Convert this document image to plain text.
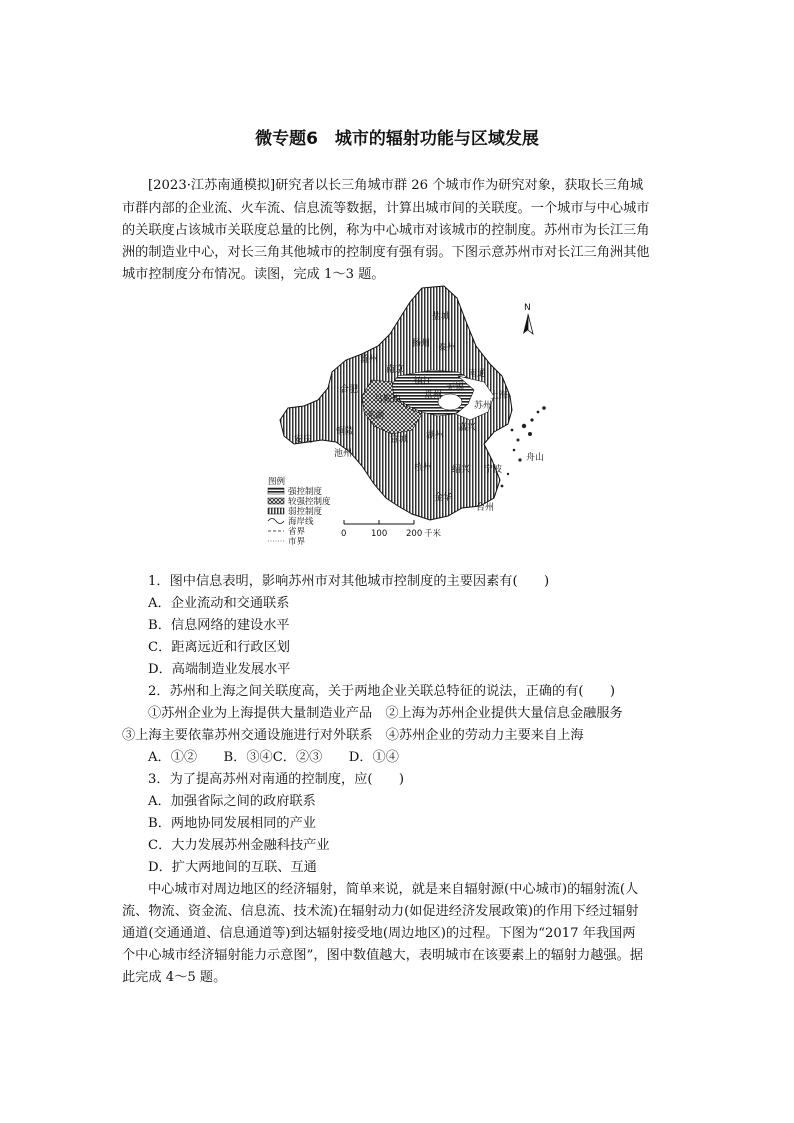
微专题6　城市的辐射功能与区域发展
[2023·江苏南通模拟]研究者以长三角城市群 26 个城市作为研究对象，获取长三角城
市群内部的企业流、火车流、信息流等数据，计算出城市间的关联度。一个城市与中心城市
的关联度占该城市关联度总量的比例，称为中心城市对该城市的控制度。苏州市为长江三角
洲的制造业中心，对长三角其他城市的控制度有强有弱。下图示意苏州市对长江三角洲其他
城市控制度分布情况。读图，完成 1～3 题。
N
盐城
扬州 泰州
南通
镇江
常州
无锡
苏州
上海
南京
马鞍山
芜湖
合肥
滁州
安庆
池州
铜陵
宣城 湖州
嘉兴
杭州 绍兴 宁波
舟山
金华
台州
图例
强控制度
较强控制度
弱控制度
海岸线
省界
市界
0	100 200 千米
1．图中信息表明，影响苏州市对其他城市控制度的主要因素有(　　)
A．企业流动和交通联系
B．信息网络的建设水平
C．距离远近和行政区划
D．高端制造业发展水平
2．苏州和上海之间关联度高，关于两地企业关联总特征的说法，正确的有(　　)
①苏州企业为上海提供大量制造业产品　②上海为苏州企业提供大量信息金融服务
③上海主要依靠苏州交通设施进行对外联系　④苏州企业的劳动力主要来自上海
A．①②　　B．③④C．②③　　D．①④
3．为了提高苏州对南通的控制度，应(　　)
A．加强省际之间的政府联系
B．两地协同发展相同的产业
C．大力发展苏州金融科技产业
D．扩大两地间的互联、互通
中心城市对周边地区的经济辐射，简单来说，就是来自辐射源(中心城市)的辐射流(人
流、物流、资金流、信息流、技术流)在辐射动力(如促进经济发展政策)的作用下经过辐射
通道(交通通道、信息通道等)到达辐射接受地(周边地区)的过程。下图为“2017 年我国两
个中心城市经济辐射能力示意图”，图中数值越大，表明城市在该要素上的辐射力越强。据
此完成 4～5 题。
